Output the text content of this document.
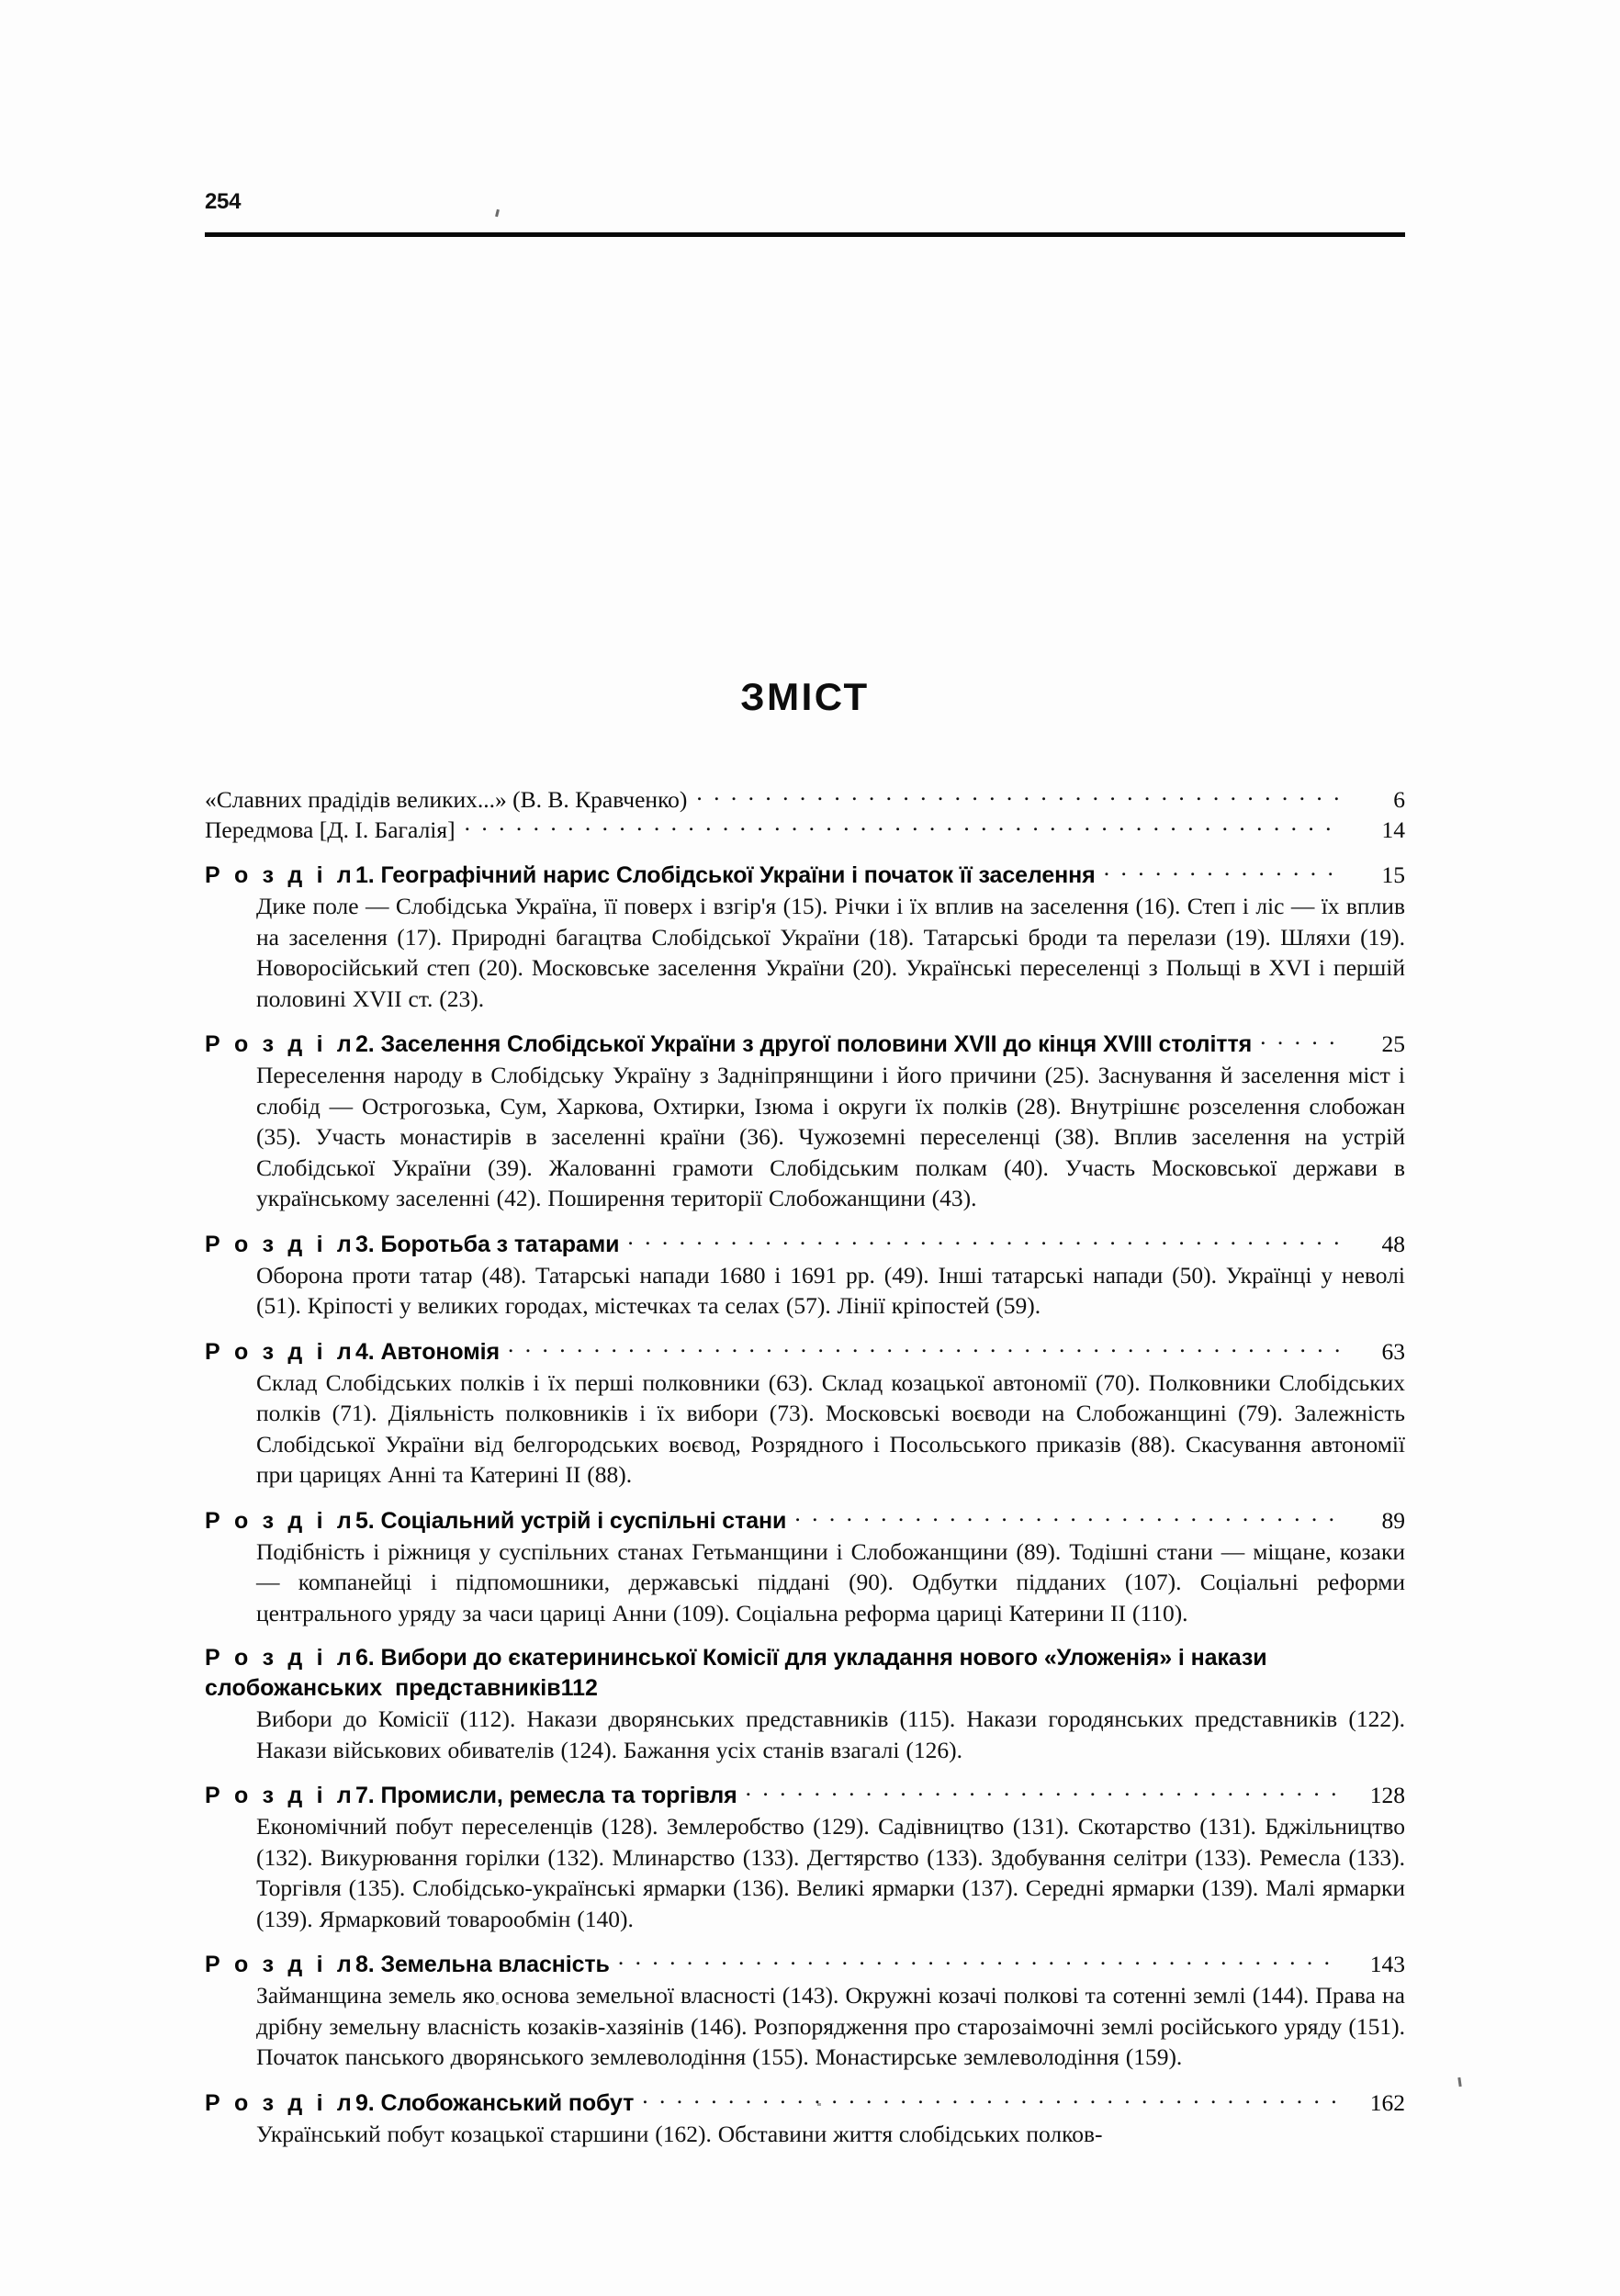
254
ЗМІСТ
«Славних прадідів великих...» (В. В. Кравченко) . . .	6
Передмова [Д. І. Багалія] . . .	14
Р о з д і л 1. Географічний нарис Слобідської України і початок її заселення . . .	15

Дике поле — Слобідська Україна, її поверх і взгір'я (15). Річки і їх вплив на заселення (16). Степ і ліс — їх вплив на заселення (17). Природні багацтва Слобідської України (18). Татарські броди та перелази (19). Шляхи (19). Новоросійський степ (20). Московське заселення України (20). Українські переселенці з Польщі в XVI і першій половині XVII ст. (23).

Р о з д і л 2. Заселення Слобідської України з другої половини XVII до кінця XVIII століття . . .	25

Переселення народу в Слобідську Україну з Задніпрянщини і його причини (25). Заснування й заселення міст і слобід — Острогозька, Сум, Харкова, Охтирки, Ізюма і округи їх полків (28). Внутрішнє розселення слобожан (35). Участь монастирів в заселенні країни (36). Чужоземні переселенці (38). Вплив заселення на устрій Слобідської України (39). Жалованні грамоти Слобідським полкам (40). Участь Московської держави в українському заселенні (42). Поширення території Слобожанщини (43).

Р о з д і л 3. Боротьба з татарами . . .	48

Оборона проти татар (48). Татарські напади 1680 і 1691 рр. (49). Інші татарські напади (50). Українці у неволі (51). Кріпості у великих городах, містечках та селах (57). Лінії кріпостей (59).

Р о з д і л 4. Автономія . . .	63

Склад Слобідських полків і їх перші полковники (63). Склад козацької автономії (70). Полковники Слобідських полків (71). Діяльність полковників і їх вибори (73). Московські воєводи на Слобожанщині (79). Залежність Слобідської України від белгородських воєвод, Розрядного і Посольського приказів (88). Скасування автономії при царицях Анні та Катерині II (88).

Р о з д і л 5. Соціальний устрій і суспільні стани . . .	89

Подібність і ріжниця у суспільних станах Гетьманщини і Слобожанщини (89). Тодішні стани — міщане, козаки — компанейці і підпомошники, державські піддані (90). Одбутки підданих (107). Соціальні реформи центрального уряду за часи цариці Анни (109). Соціальна реформа цариці Катерини II (110).

Р о з д і л 6. Вибори до єкатерининської Комісії для укладання нового «Уложенія» і накази
слобожанських  представників 112

Вибори до Комісії (112). Накази дворянських представників (115). Накази городянських представників (122). Накази військових обивателів (124). Бажання усіх станів взагалі (126).

Р о з д і л 7. Промисли, ремесла та торгівля . . .	128

Економічний побут переселенців (128). Землеробство (129). Садівництво (131). Скотарство (131). Бджільництво (132). Викурювання горілки (132). Млинарство (133). Дегтярство (133). Здобування селітри (133). Ремесла (133). Торгівля (135). Слобідсько-українські ярмарки (136). Великі ярмарки (137). Середні ярмарки (139). Малі ярмарки (139). Ярмарковий товарообмін (140).

Р о з д і л 8. Земельна власність . . .	143

Займанщина земель яко основа земельної власності (143). Окружні козачі полкові та сотенні землі (144). Права на дрібну земельну власність козаків-хазяінів (146). Розпорядження про старозаімочні землі російського уряду (151). Початок панського дворянського землеволодіння (155). Монастирське землеволодіння (159).

Р о з д і л 9. Слобожанський побут . . .	162

Український побут козацької старшини (162). Обставини життя слобідських полков-
